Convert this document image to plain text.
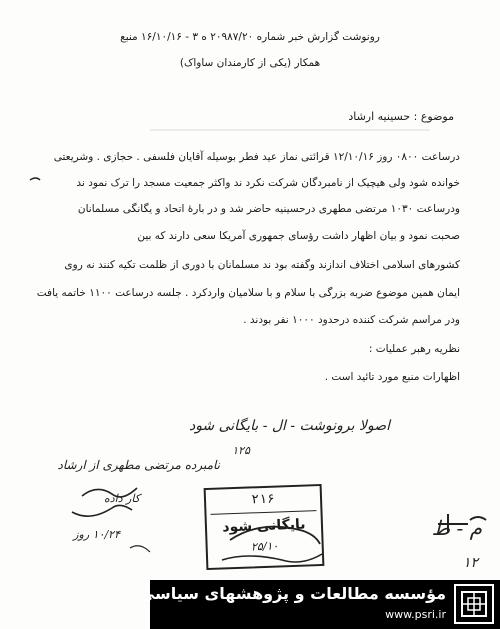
رونوشت گزارش خبر شماره ۲۰۹۸۷/۲۰ ه ۳ - ۱۶/۱۰/۱۶ منبع
همکار (یکی از کارمندان ساواک)
موضوع : حسینیه ارشاد
درساعت ۰۸۰۰ روز ۱۲/۱۰/۱۶ قرائتی نماز عید فطر بوسیله آقایان فلسفی . حجازی . وشریعتی
خوانده شود ولی هیچیک از نامبردگان شرکت نکرد ند واکثر جمعیت مسجد را ترک نمود ند
ودرساعت ۱۰۳۰ مرتضی مطهری درحسینیه حاضر شد و در بارۀ اتحاد و یگانگی مسلمانان
صحبت نمود و بیان اظهار داشت رؤسای جمهوری آمریکا سعی دارند که بین
کشورهای اسلامی اختلاف اندازند وگفته بود ند مسلمانان با دوری از ظلمت تکیه کنند نه روی
ایمان همین موضوع ضربه بزرگی با سلام و با سلامیان واردکرد . جلسه درساعت ۱۱۰۰ خاتمه یافت
ودر مراسم شرکت کننده درحدود ۱۰۰۰ نفر بودند .
نظریه رهبر عملیات :
اظهارات منبع مورد تائید است .
اصولا برونوشت - ال - بایگانی شود
۱۲۵
نامبرده مرتضی مطهری از ارشاد
کار داده
۱۰/۲۴ روز	م - ط
۱۲
۲۱۶
بایگانی شود
۲۵/۱۰
مؤسسه مطالعات و پژوهشهای سیاسی
www.psri.ir
